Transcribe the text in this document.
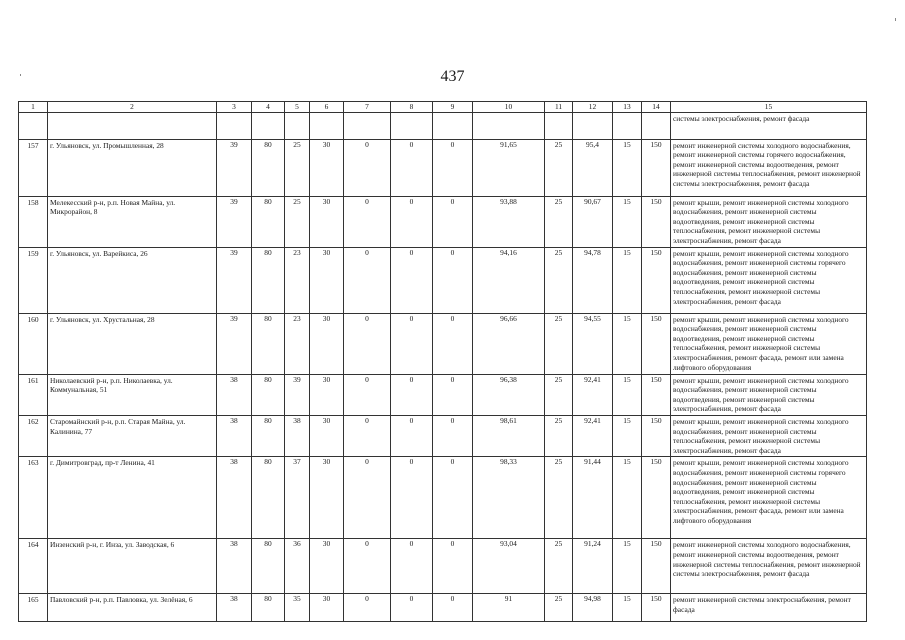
437
1	2	3	4	5	6	7	8	9	10	11	12	13	14	15
														системы электроснабжения, ремонт фасада
157	г. Ульяновск, ул. Промышленная, 28	39	80	25	30	0	0	0	91,65	25	95,4	15	150	ремонт инженерной системы холодного водоснабжения, ремонт инженерной системы горячего водоснабжения, ремонт инженерной системы водоотведения, ремонт инженерной системы теплоснабжения, ремонт инженерной системы электроснабжения, ремонт фасада
158	Мелекесский р-н, р.п. Новая Майна, ул. Микрорайон, 8	39	80	25	30	0	0	0	93,88	25	90,67	15	150	ремонт крыши, ремонт инженерной системы холодного водоснабжения, ремонт инженерной системы водоотведения, ремонт инженерной системы теплоснабжения, ремонт инженерной системы электроснабжения, ремонт фасада
159	г. Ульяновск, ул. Варейкиса, 26	39	80	23	30	0	0	0	94,16	25	94,78	15	150	ремонт крыши, ремонт инженерной системы холодного водоснабжения, ремонт инженерной системы горячего водоснабжения, ремонт инженерной системы водоотведения, ремонт инженерной системы теплоснабжения, ремонт инженерной системы электроснабжения, ремонт фасада
160	г. Ульяновск, ул. Хрустальная, 28	39	80	23	30	0	0	0	96,66	25	94,55	15	150	ремонт крыши, ремонт инженерной системы холодного водоснабжения, ремонт инженерной системы водоотведения, ремонт инженерной системы теплоснабжения, ремонт инженерной системы электроснабжения, ремонт фасада, ремонт или замена лифтового оборудования
161	Николаевский р-н, р.п. Николаевка, ул. Коммунальная, 51	38	80	39	30	0	0	0	96,38	25	92,41	15	150	ремонт крыши, ремонт инженерной системы холодного водоснабжения, ремонт инженерной системы водоотведения, ремонт инженерной системы электроснабжения, ремонт фасада
162	Старомайнский р-н, р.п. Старая Майна, ул. Калинина, 77	38	80	38	30	0	0	0	98,61	25	92,41	15	150	ремонт крыши, ремонт инженерной системы холодного водоснабжения, ремонт инженерной системы теплоснабжения, ремонт инженерной системы электроснабжения, ремонт фасада
163	г. Димитровград, пр-т Ленина, 41	38	80	37	30	0	0	0	98,33	25	91,44	15	150	ремонт крыши, ремонт инженерной системы холодного водоснабжения, ремонт инженерной системы горячего водоснабжения, ремонт инженерной системы водоотведения, ремонт инженерной системы теплоснабжения, ремонт инженерной системы электроснабжения, ремонт фасада, ремонт или замена лифтового оборудования
164	Инзенский р-н, г. Инза, ул. Заводская, 6	38	80	36	30	0	0	0	93,04	25	91,24	15	150	ремонт инженерной системы холодного водоснабжения, ремонт инженерной системы водоотведения, ремонт инженерной системы теплоснабжения, ремонт инженерной системы электроснабжения, ремонт фасада
165	Павловский р-н, р.п. Павловка, ул. Зелёная, 6	38	80	35	30	0	0	0	91	25	94,98	15	150	ремонт инженерной системы электроснабжения, ремонт фасада
